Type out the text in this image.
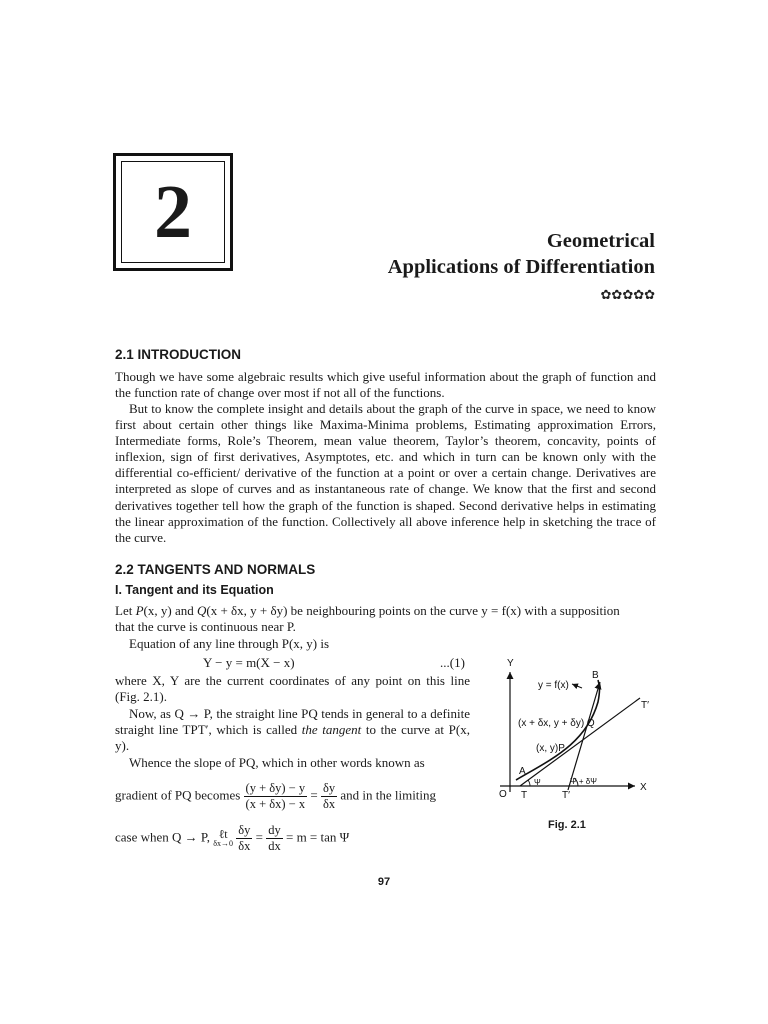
2	Geometrical
Applications of Differentiation
✿✿✿✿✿
2.1 INTRODUCTION

Though we have some algebraic results which give useful information about the graph of function and the function rate of change over most if not all of the functions.

But to know the complete insight and details about the graph of the curve in space, we need to know first about certain other things like Maxima-Minima problems, Estimating approximation Errors, Intermediate forms, Role’s Theorem, mean value theorem, Taylor’s theorem, concavity, points of inflexion, sign of first derivatives, Asymptotes, etc. and which in turn can be known only with the differential co-efficient/ derivative of the function at a point or over a certain change. Derivatives are interpreted as slope of curves and as instantaneous rate of change. We know that the first and second derivatives together tell how the graph of the function is shaped. Second derivative helps in estimating the linear approximation of the function. Collectively all above inference help in sketching the trace of the curve.

2.2 TANGENTS AND NORMALS
I. Tangent and its Equation
Let P(x, y) and Q(x + δx, y + δy) be neighbouring points on the curve y = f(x) with a supposition
that the curve is continuous near P.
Equation of any line through P(x, y) is
Y − y = m(X − x)	...(1)

where X, Y are the current coordinates of any point on this line (Fig. 2.1).

Now, as Q → P, the straight line PQ tends in general to a definite straight line TPT′, which is called the tangent to the curve at P(x, y).

Whence the slope of PQ, which in other words known as

gradient of PQ becomes $\frac{(y + \delta y) - y}{(x + \delta x) - x} = \frac{\delta y}{\delta x}$ and in the limiting
case when Q → P, ℓt
δx→0
$\frac{\delta y}{\delta x} = \frac{dy}{dx} = m = \tan \Psi$
Y
X
O T	T′
T′
B
y = f(x)
(x + δx, y + δy) Q
(x, y)P
A
Ψ	Ψ + δΨ
Fig. 2.1
97
